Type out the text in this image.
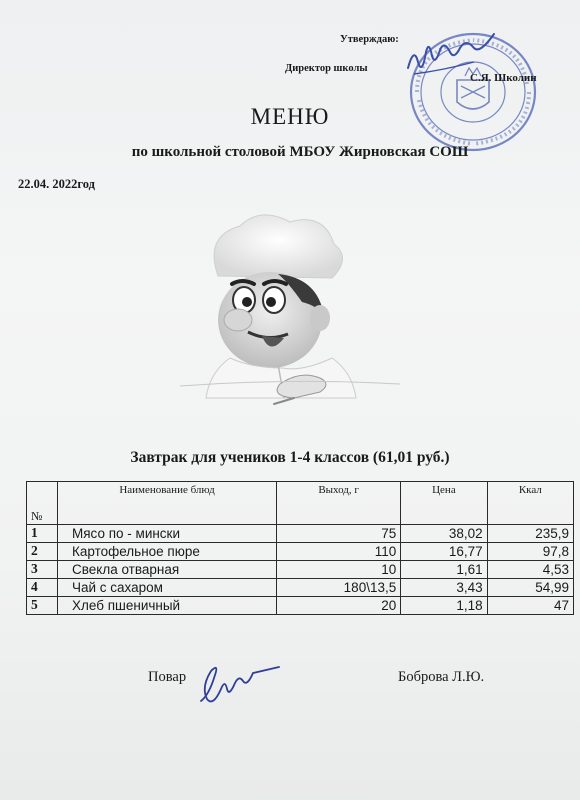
Утверждаю:
Директор школы
С.Я. Школин
МЕНЮ
по школьной столовой МБОУ Жирновская СОШ
22.04. 2022год
Завтрак для учеников 1-4 классов (61,01 руб.)
№	Наименование блюд	Выход, г	Цена	Ккал
1	Мясо по - мински	75	38,02	235,9
2	Картофельное пюре	110	16,77	97,8
3	Свекла отварная	10	1,61	4,53
4	Чай с сахаром	180\13,5	3,43	54,99
5	Хлеб пшеничный	20	1,18	47
Повар	Боброва Л.Ю.
